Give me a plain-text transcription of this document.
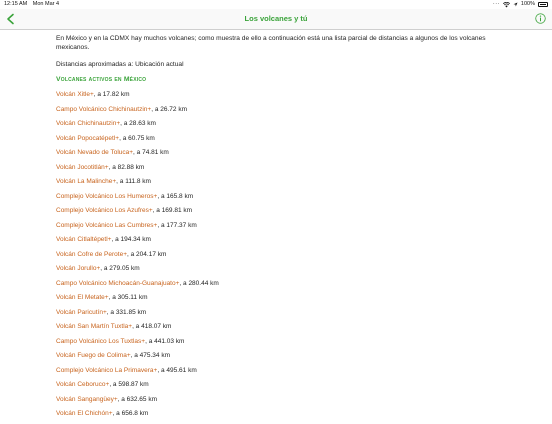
12:15 AM Mon Mar 4	···	100%
Los volcanes y tú

En México y en la CDMX hay muchos volcanes; como muestra de ello a continuación está una lista parcial de distancias a algunos de los volcanes mexicanos.

Distancias aproximadas a: Ubicación actual

Volcanes activos en México
Volcán Xitle+, a 17.82 km
Campo Volcánico Chichinautzin+, a 26.72 km
Volcán Chichinautzin+, a 28.63 km
Volcán Popocatépetl+, a 60.75 km
Volcán Nevado de Toluca+, a 74.81 km
Volcán Jocotitlán+, a 82.88 km
Volcán La Malinche+, a 111.8 km
Complejo Volcánico Los Humeros+, a 165.8 km
Complejo Volcánico Los Azufres+, a 169.81 km
Complejo Volcánico Las Cumbres+, a 177.37 km
Volcán Citlaltépetl+, a 194.34 km
Volcán Cofre de Perote+, a 204.17 km
Volcán Jorullo+, a 279.05 km
Campo Volcánico Michoacán-Guanajuato+, a 280.44 km
Volcán El Metate+, a 305.11 km
Volcán Paricutín+, a 331.85 km
Volcán San Martín Tuxtla+, a 418.07 km
Campo Volcánico Los Tuxtlas+, a 441.03 km
Volcán Fuego de Colima+, a 475.34 km
Complejo Volcánico La Primavera+, a 495.61 km
Volcán Ceboruco+, a 598.87 km
Volcán Sangangüey+, a 632.65 km
Volcán El Chichón+, a 656.8 km
